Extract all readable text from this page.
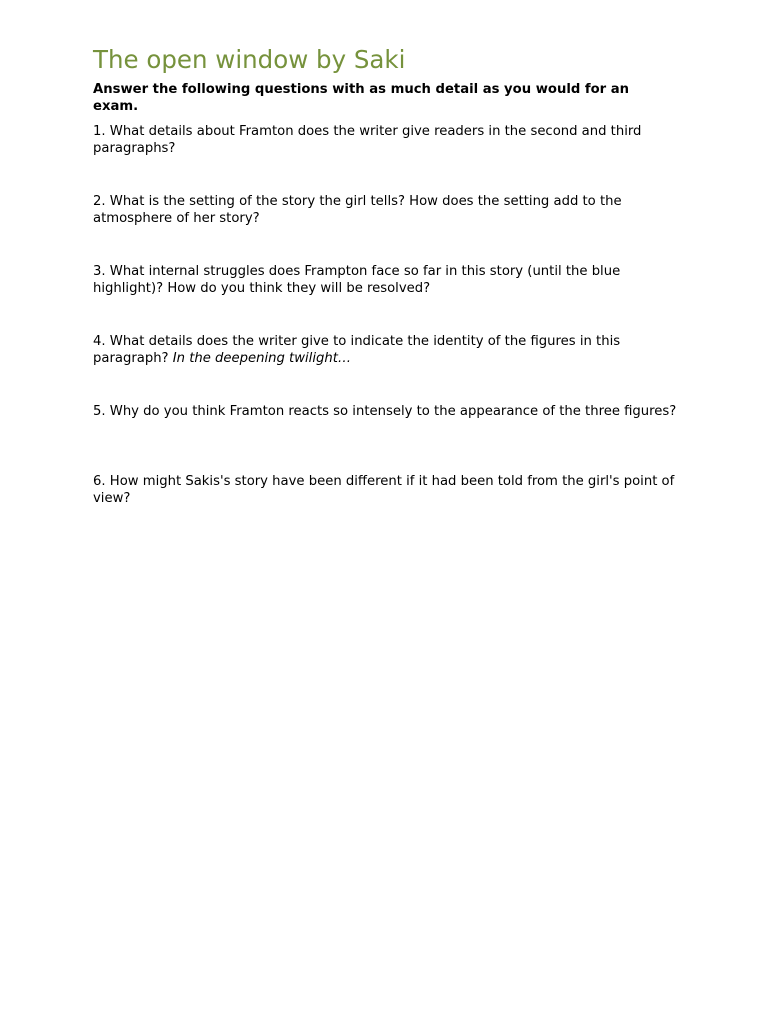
The open window by Saki

Answer the following questions with as much detail as you would for an exam.

1. What details about Framton does the writer give readers in the second and third paragraphs?
2. What is the setting of the story the girl tells? How does the setting add to the atmosphere of her story?
3. What internal struggles does Frampton face so far in this story (until the blue highlight)? How do you think they will be resolved?
4. What details does the writer give to indicate the identity of the figures in this paragraph? In the deepening twilight…
5. Why do you think Framton reacts so intensely to the appearance of the three figures?
6. How might Sakis's story have been different if it had been told from the girl's point of view?
